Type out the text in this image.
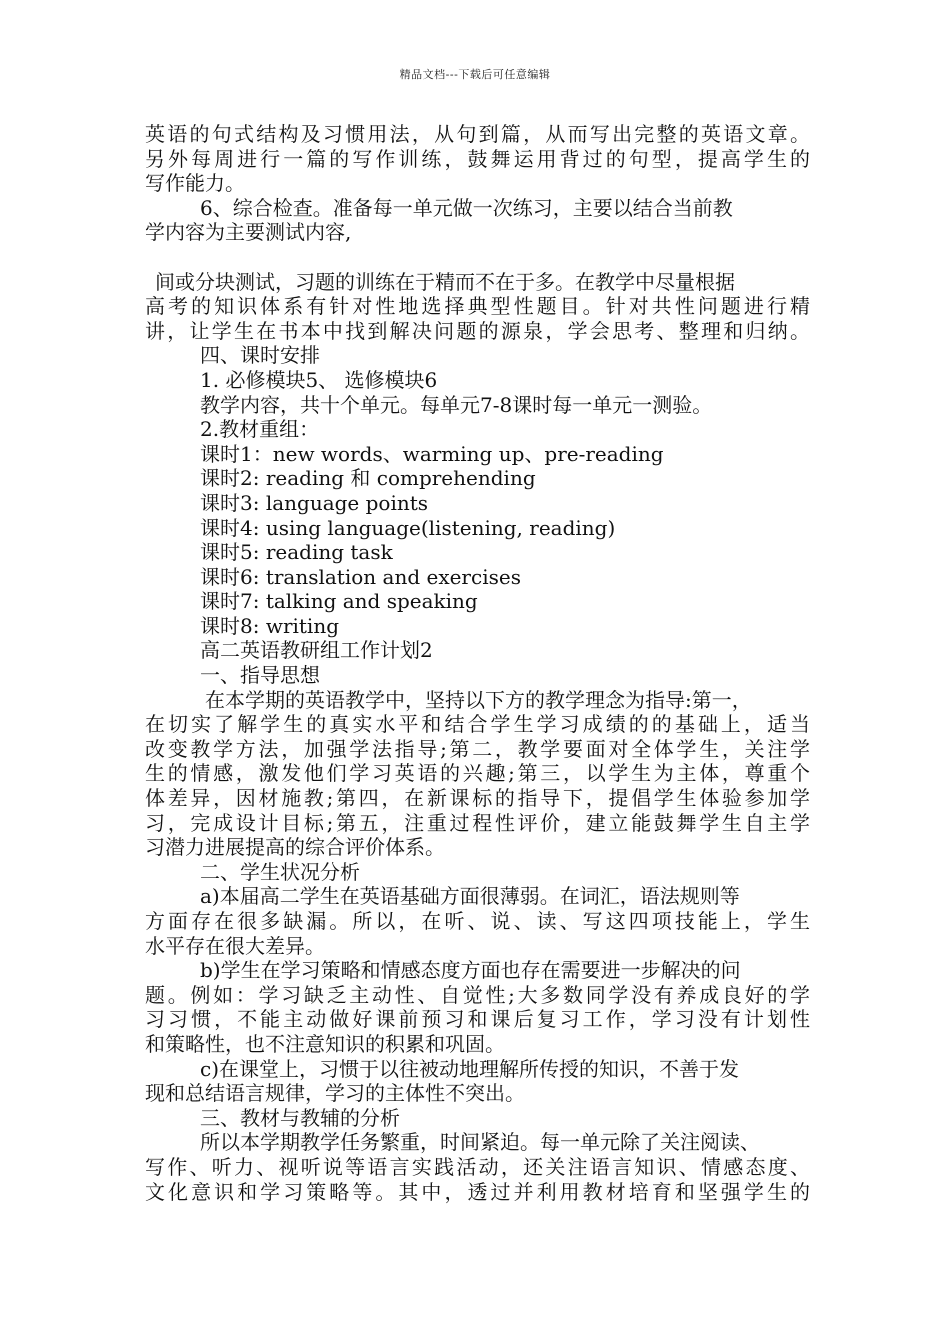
精品文档---下载后可任意编辑
英语的句式结构及习惯用法，从句到篇，从而写出完整的英语文章。
另外每周进行一篇的写作训练，鼓舞运用背过的句型，提高学生的
写作能力。
6、综合检查。准备每一单元做一次练习，主要以结合当前教
学内容为主要测试内容,
间或分块测试，习题的训练在于精而不在于多。在教学中尽量根据
高考的知识体系有针对性地选择典型性题目。针对共性问题进行精
讲，让学生在书本中找到解决问题的源泉，学会思考、整理和归纳。
四、课时安排
1. 必修模块5、 选修模块6
教学内容，共十个单元。每单元7-8课时每一单元一测验。
2.教材重组：
课时1：new words、warming up、pre-reading
课时2: reading 和 comprehending
课时3: language points
课时4: using language(listening, reading)
课时5: reading task
课时6: translation and exercises
课时7: talking and speaking
课时8: writing
高二英语教研组工作计划2
一、指导思想
在本学期的英语教学中，坚持以下方的教学理念为指导:第一，
在切实了解学生的真实水平和结合学生学习成绩的的基础上，适当
改变教学方法，加强学法指导;第二，教学要面对全体学生，关注学
生的情感，激发他们学习英语的兴趣;第三，以学生为主体，尊重个
体差异，因材施教;第四，在新课标的指导下，提倡学生体验参加学
习，完成设计目标;第五，注重过程性评价，建立能鼓舞学生自主学
习潜力进展提高的综合评价体系。
二、学生状况分析
a)本届高二学生在英语基础方面很薄弱。在词汇，语法规则等
方面存在很多缺漏。所以，在听、说、读、写这四项技能上，学生
水平存在很大差异。
b)学生在学习策略和情感态度方面也存在需要进一步解决的问
题。例如：学习缺乏主动性、自觉性;大多数同学没有养成良好的学
习习惯，不能主动做好课前预习和课后复习工作，学习没有计划性
和策略性，也不注意知识的积累和巩固。
c)在课堂上，习惯于以往被动地理解所传授的知识，不善于发
现和总结语言规律，学习的主体性不突出。
三、教材与教辅的分析
所以本学期教学任务繁重，时间紧迫。每一单元除了关注阅读、
写作、听力、视听说等语言实践活动，还关注语言知识、情感态度、
文化意识和学习策略等。其中，透过并利用教材培育和坚强学生的
